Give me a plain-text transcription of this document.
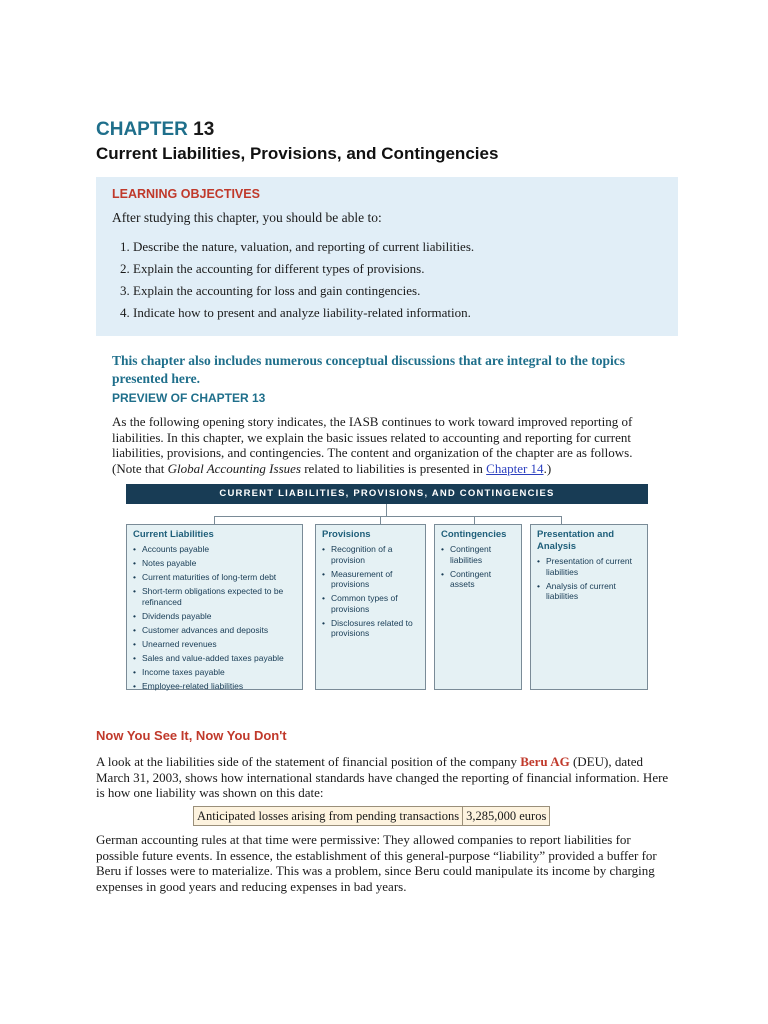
CHAPTER 13
Current Liabilities, Provisions, and Contingencies
LEARNING OBJECTIVES

After studying this chapter, you should be able to:

1. Describe the nature, valuation, and reporting of current liabilities.
2. Explain the accounting for different types of provisions.
3. Explain the accounting for loss and gain contingencies.
4. Indicate how to present and analyze liability-related information.

This chapter also includes numerous conceptual discussions that are integral to the topics presented here.

PREVIEW OF CHAPTER 13

As the following opening story indicates, the IASB continues to work toward improved reporting of liabilities. In this chapter, we explain the basic issues related to accounting and reporting for current liabilities, provisions, and contingencies. The content and organization of the chapter are as follows. (Note that Global Accounting Issues related to liabilities is presented in Chapter 14.)

CURRENT LIABILITIES, PROVISIONS, AND CONTINGENCIES
Current Liabilities
• Accounts payable
• Notes payable
• Current maturities of long-term debt
• Short-term obligations expected to be refinanced
• Dividends payable
• Customer advances and deposits
• Unearned revenues
• Sales and value-added taxes payable
• Income taxes payable
• Employee-related liabilities
Provisions
• Recognition of a provision
• Measurement of provisions
• Common types of provisions
• Disclosures related to provisions
Contingencies
• Contingent liabilities
• Contingent assets
Presentation and Analysis
• Presentation of current liabilities
• Analysis of current liabilities
Now You See It, Now You Don't

A look at the liabilities side of the statement of financial position of the company Beru AG (DEU), dated March 31, 2003, shows how international standards have changed the reporting of financial information. Here is how one liability was shown on this date:

Anticipated losses arising from pending transactions	3,285,000 euros

German accounting rules at that time were permissive: They allowed companies to report liabilities for possible future events. In essence, the establishment of this general-purpose “liability” provided a buffer for Beru if losses were to materialize. This was a problem, since Beru could manipulate its income by charging expenses in good years and reducing expenses in bad years.
